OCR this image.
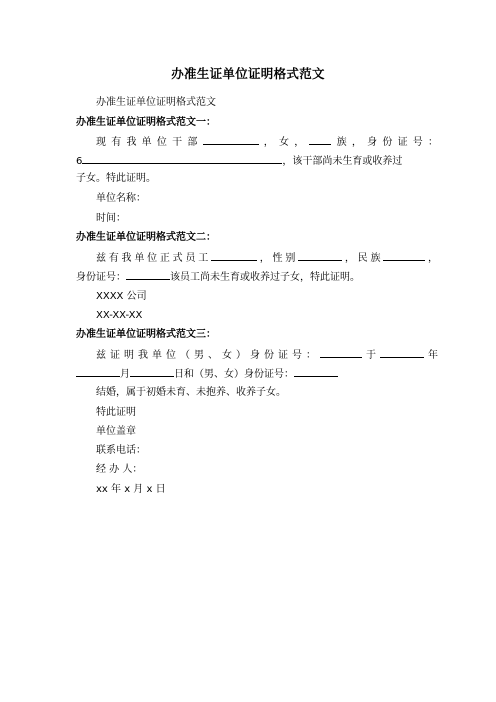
办准生证单位证明格式范文
办准生证单位证明格式范文
办准生证单位证明格式范文一：
现有我单位干部	，女， 族，身份证号：
6	，该干部尚未生育或收养过
子女。特此证明。
单位名称：
时间：
办准生证单位证明格式范文二：
兹有我单位正式员工	，性别	，民族	，
身份证号：	该员工尚未生育或收养过子女，特此证明。
XXXX 公司
XX-XX-XX
办准生证单位证明格式范文三：
兹证明我单位（男、女）身份证号：	于	年
月	日和（男、女）身份证号：
结婚，属于初婚未育、未抱养、收养子女。
特此证明
单位盖章
联系电话：
经 办 人：
xx 年 x 月 x 日
